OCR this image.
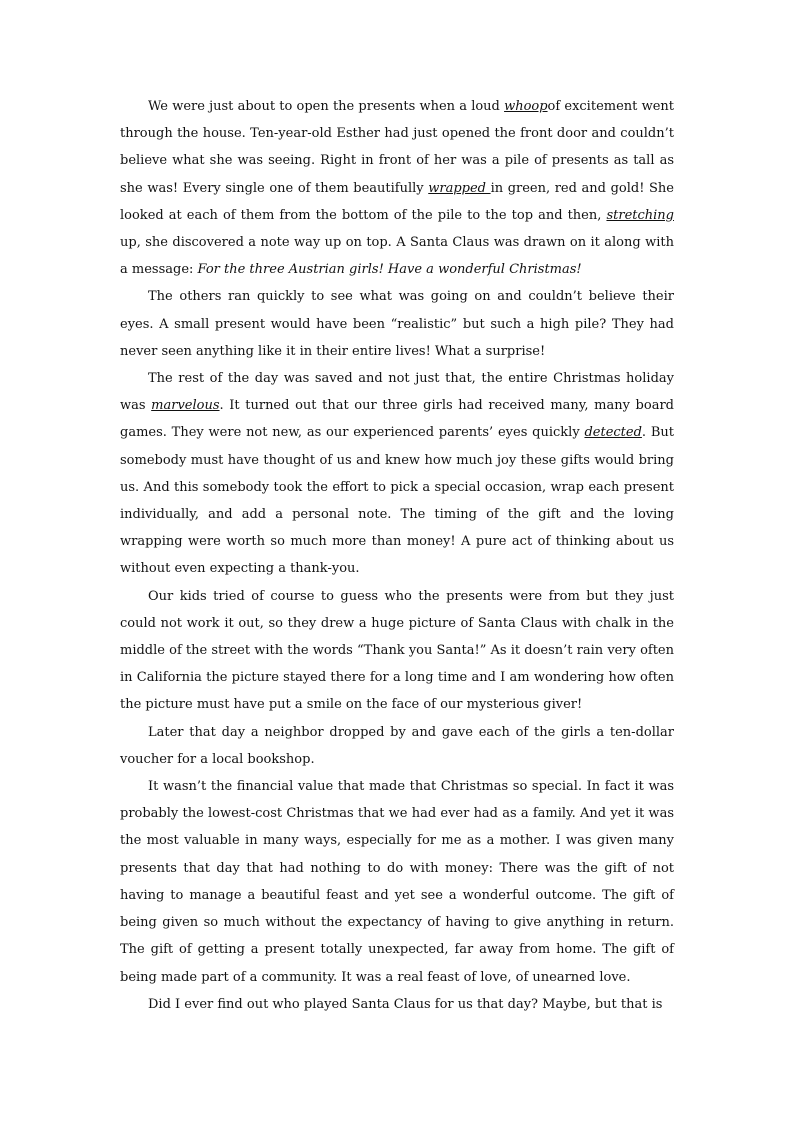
We were just about to open the presents when a loud whoopof excitement went through the house. Ten-year-old Esther had just opened the front door and couldn’t believe what she was seeing. Right in front of her was a pile of presents as tall as she was! Every single one of them beautifully wrapped in green, red and gold! She looked at each of them from the bottom of the pile to the top and then, stretching up, she discovered a note way up on top. A Santa Claus was drawn on it along with a message: For the three Austrian girls! Have a wonderful Christmas!

The others ran quickly to see what was going on and couldn’t believe their eyes. A small present would have been “realistic” but such a high pile? They had never seen anything like it in their entire lives! What a surprise!

The rest of the day was saved and not just that, the entire Christmas holiday was marvelous. It turned out that our three girls had received many, many board games. They were not new, as our experienced parents’ eyes quickly detected. But somebody must have thought of us and knew how much joy these gifts would bring us. And this somebody took the effort to pick a special occasion, wrap each present individually, and add a personal note. The timing of the gift and the loving wrapping were worth so much more than money! A pure act of thinking about us without even expecting a thank-you.

Our kids tried of course to guess who the presents were from but they just could not work it out, so they drew a huge picture of Santa Claus with chalk in the middle of the street with the words “Thank you Santa!” As it doesn’t rain very often in California the picture stayed there for a long time and I am wondering how often the picture must have put a smile on the face of our mysterious giver!

Later that day a neighbor dropped by and gave each of the girls a ten-dollar voucher for a local bookshop.

It wasn’t the financial value that made that Christmas so special. In fact it was probably the lowest-cost Christmas that we had ever had as a family. And yet it was the most valuable in many ways, especially for me as a mother. I was given many presents that day that had nothing to do with money: There was the gift of not having to manage a beautiful feast and yet see a wonderful outcome. The gift of being given so much without the expectancy of having to give anything in return. The gift of getting a present totally unexpected, far away from home. The gift of being made part of a community. It was a real feast of love, of unearned love.

Did I ever find out who played Santa Claus for us that day? Maybe, but that is
